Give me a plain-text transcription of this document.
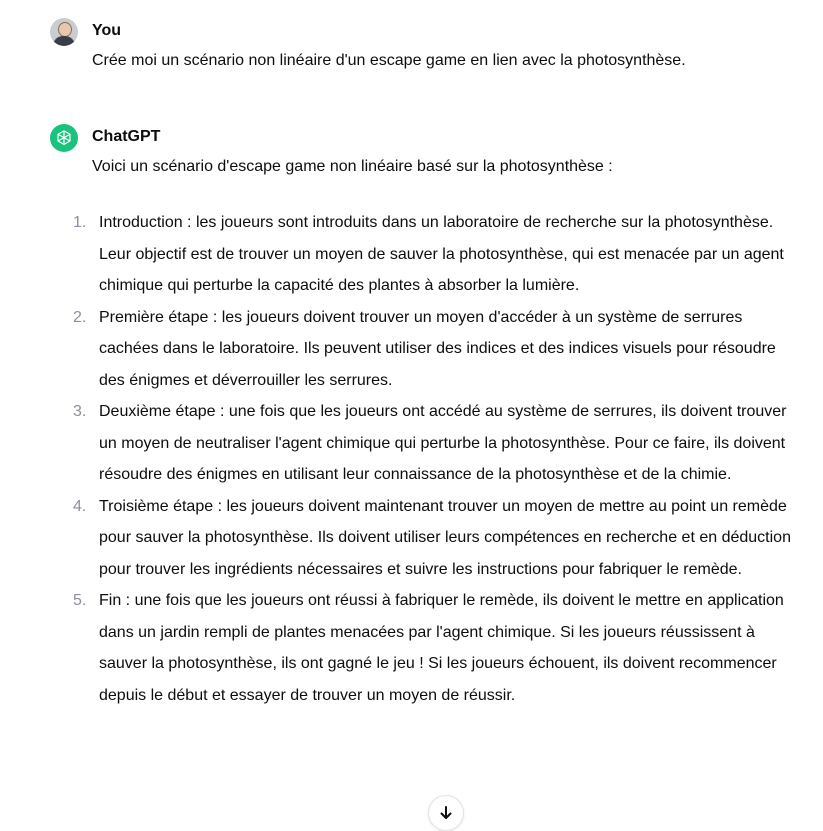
You
Crée moi un scénario non linéaire d'un escape game en lien avec la photosynthèse.
ChatGPT
Voici un scénario d'escape game non linéaire basé sur la photosynthèse :
1. Introduction : les joueurs sont introduits dans un laboratoire de recherche sur la photosynthèse. Leur objectif est de trouver un moyen de sauver la photosynthèse, qui est menacée par un agent chimique qui perturbe la capacité des plantes à absorber la lumière.
2. Première étape : les joueurs doivent trouver un moyen d'accéder à un système de serrures cachées dans le laboratoire. Ils peuvent utiliser des indices et des indices visuels pour résoudre des énigmes et déverrouiller les serrures.
3. Deuxième étape : une fois que les joueurs ont accédé au système de serrures, ils doivent trouver un moyen de neutraliser l'agent chimique qui perturbe la photosynthèse. Pour ce faire, ils doivent résoudre des énigmes en utilisant leur connaissance de la photosynthèse et de la chimie.
4. Troisième étape : les joueurs doivent maintenant trouver un moyen de mettre au point un remède pour sauver la photosynthèse. Ils doivent utiliser leurs compétences en recherche et en déduction pour trouver les ingrédients nécessaires et suivre les instructions pour fabriquer le remède.
5. Fin : une fois que les joueurs ont réussi à fabriquer le remède, ils doivent le mettre en application dans un jardin rempli de plantes menacées par l'agent chimique. Si les joueurs réussissent à sauver la photosynthèse, ils ont gagné le jeu ! Si les joueurs échouent, ils doivent recommencer depuis le début et essayer de trouver un moyen de réussir.
